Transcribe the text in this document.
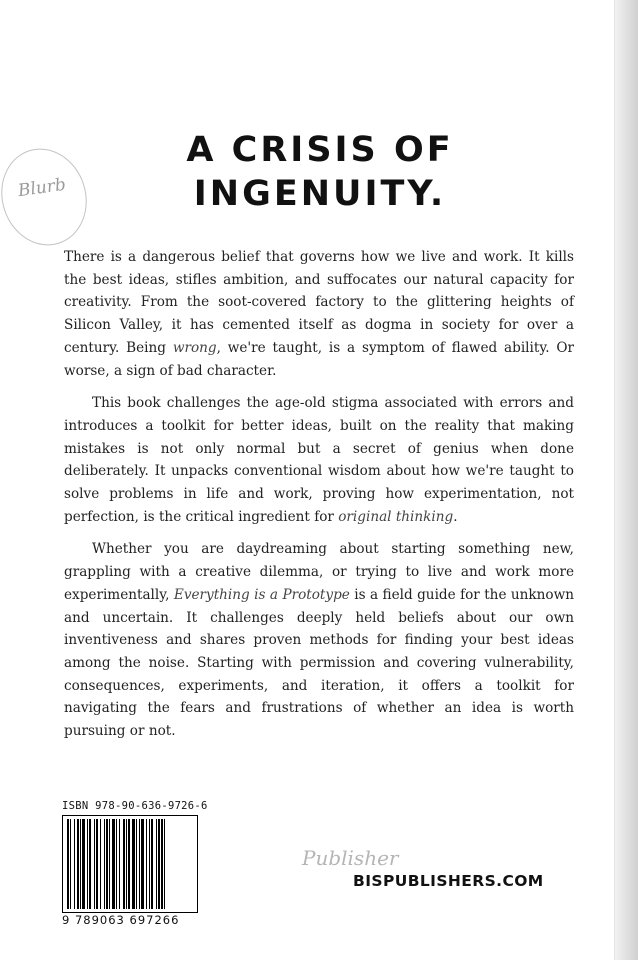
Blurb
A CRISIS OF
INGENUITY.

There is a dangerous belief that governs how we live and work. It kills the best ideas, stifles ambition, and suffocates our natural capacity for creativity. From the soot-covered factory to the glittering heights of Silicon Valley, it has cemented itself as dogma in society for over a century. Being wrong, we're taught, is a symptom of flawed ability. Or worse, a sign of bad character.

This book challenges the age-old stigma associated with errors and introduces a toolkit for better ideas, built on the reality that making mistakes is not only normal but a secret of genius when done deliberately. It unpacks conventional wisdom about how we're taught to solve problems in life and work, proving how experimentation, not perfection, is the critical ingredient for original thinking.

Whether you are daydreaming about starting something new, grappling with a creative dilemma, or trying to live and work more experimentally, Everything is a Prototype is a field guide for the unknown and uncertain. It challenges deeply held beliefs about our own inventiveness and shares proven methods for finding your best ideas among the noise. Starting with permission and covering vulnerability, consequences, experiments, and iteration, it offers a toolkit for navigating the fears and frustrations of whether an idea is worth pursuing or not.

ISBN 978-90-636-9726-6
9 789063 697266
Publisher
BISPUBLISHERS.COM
